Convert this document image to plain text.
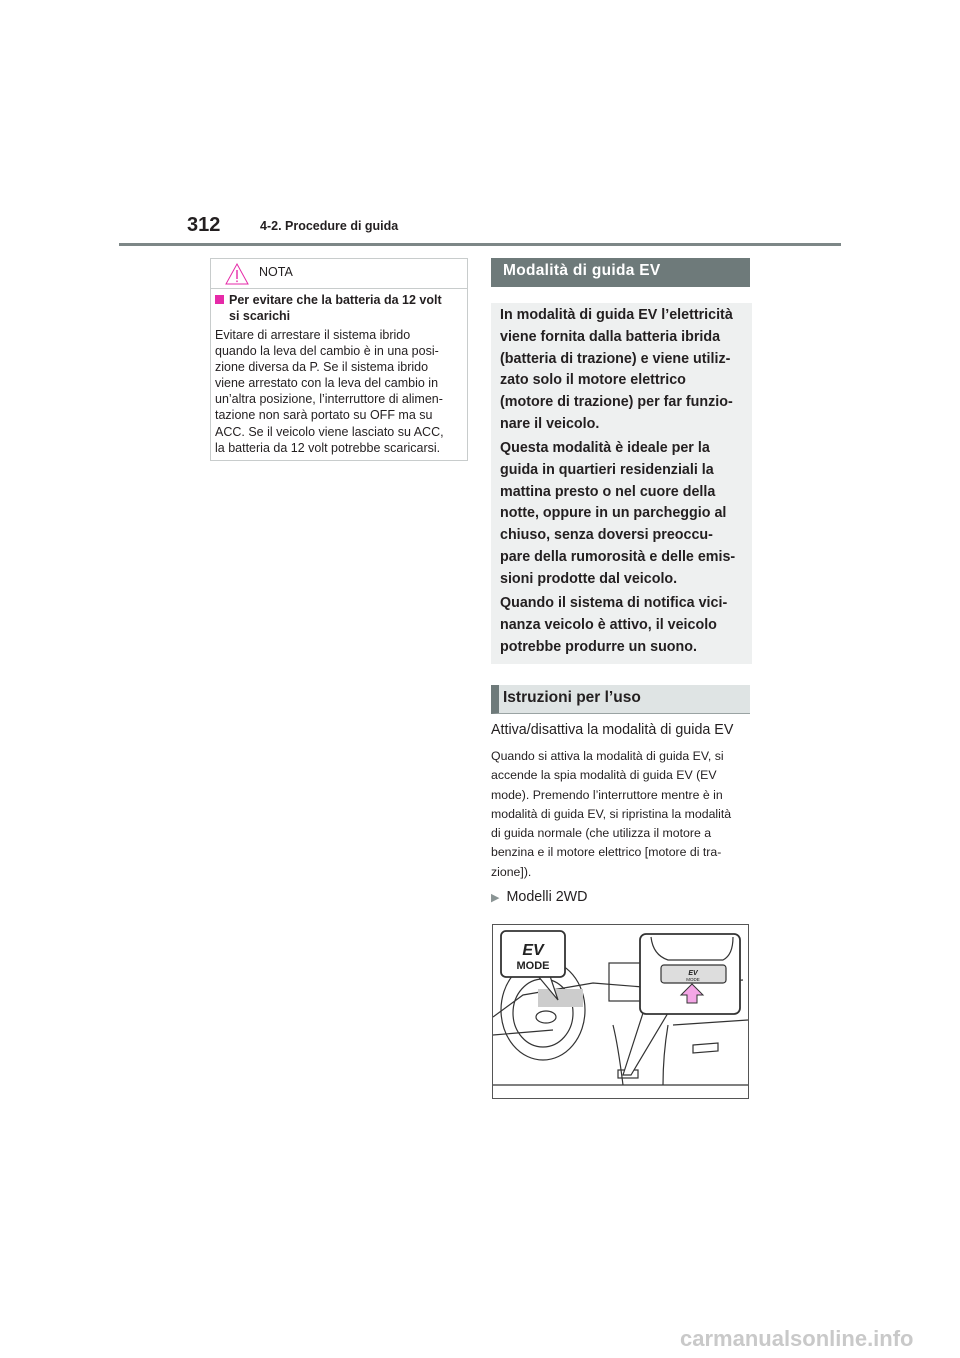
312	4-2. Procedure di guida
NOTA
Per evitare che la batteria da 12 volt
si scarichi
Evitare di arrestare il sistema ibrido
quando la leva del cambio è in una posi-
zione diversa da P. Se il sistema ibrido
viene arrestato con la leva del cambio in
un’altra posizione, l’interruttore di alimen-
tazione non sarà portato su OFF ma su
ACC. Se il veicolo viene lasciato su ACC,
la batteria da 12 volt potrebbe scaricarsi.
Modalità di guida EV
In modalità di guida EV l’elettricità
viene fornita dalla batteria ibrida
(batteria di trazione) e viene utiliz-
zato solo il motore elettrico
(motore di trazione) per far funzio-
nare il veicolo.
Questa modalità è ideale per la
guida in quartieri residenziali la
mattina presto o nel cuore della
notte, oppure in un parcheggio al
chiuso, senza doversi preoccu-
pare della rumorosità e delle emis-
sioni prodotte dal veicolo.
Quando il sistema di notifica vici-
nanza veicolo è attivo, il veicolo
potrebbe produrre un suono.
Istruzioni per l’uso
Attiva/disattiva la modalità di guida EV
Quando si attiva la modalità di guida EV, si
accende la spia modalità di guida EV (EV
mode). Premendo l’interruttore mentre è in
modalità di guida EV, si ripristina la modalità
di guida normale (che utilizza il motore a
benzina e il motore elettrico [motore di tra-
zione]).
▶ Modelli 2WD
EV
MODE
EV
MODE
carmanualsonline.info
